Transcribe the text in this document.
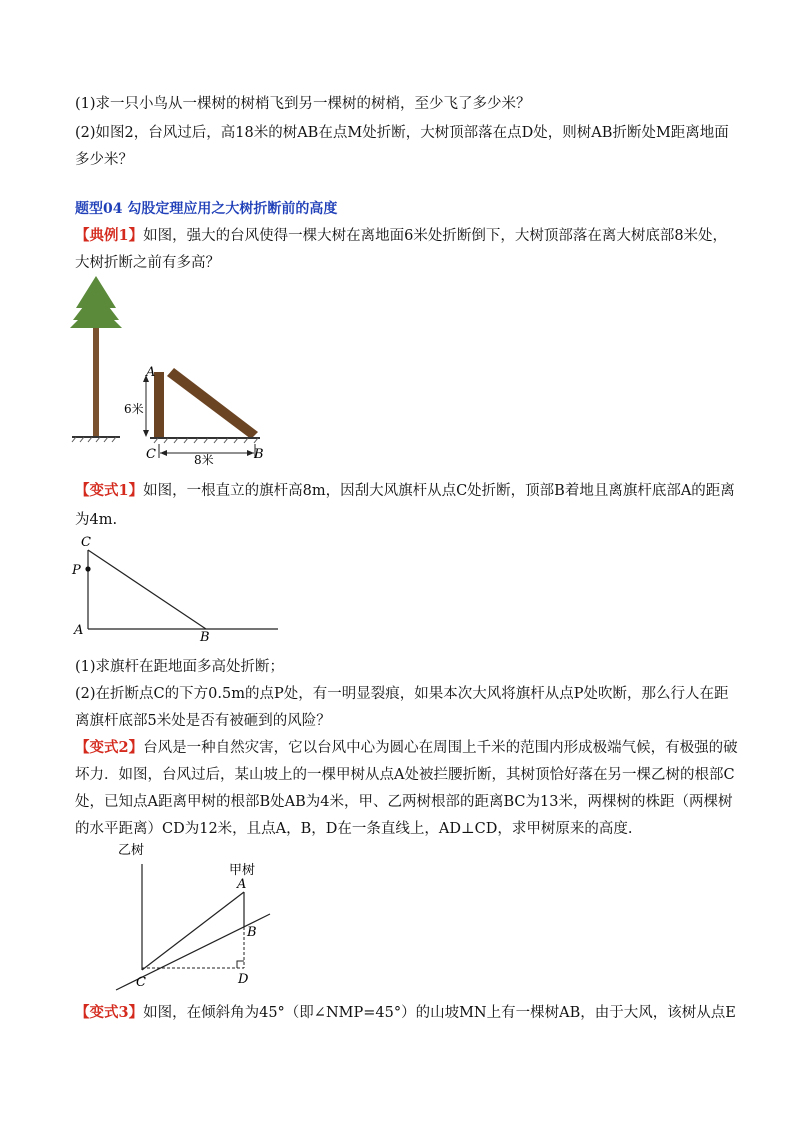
(1)求一只小鸟从一棵树的树梢飞到另一棵树的树梢，至少飞了多少米？
(2)如图2，台风过后，高18米的树AB在点M处折断，大树顶部落在点D处，则树AB折断处M距离地面
多少米？
题型04 勾股定理应用之大树折断前的高度
【典例1】如图，强大的台风使得一棵大树在离地面6米处折断倒下，大树顶部落在离大树底部8米处，
大树折断之前有多高？
6米
A
8米
C	B
【变式1】如图，一根直立的旗杆高8m，因刮大风旗杆从点C处折断，顶部B着地且离旗杆底部A的距离
为4m.
C
P
A	B
(1)求旗杆在距地面多高处折断；
(2)在折断点C的下方0.5m的点P处，有一明显裂痕，如果本次大风将旗杆从点P处吹断，那么行人在距
离旗杆底部5米处是否有被砸到的风险？
【变式2】台风是一种自然灾害，它以台风中心为圆心在周围上千米的范围内形成极端气候，有极强的破
坏力．如图，台风过后，某山坡上的一棵甲树从点A处被拦腰折断，其树顶恰好落在另一棵乙树的根部C
处，已知点A距离甲树的根部B处AB为4米，甲、乙两树根部的距离BC为13米，两棵树的株距（两棵树
的水平距离）CD为12米，且点A，B，D在一条直线上，AD⊥CD，求甲树原来的高度.
乙树
甲树
A
B
C	D
【变式3】如图，在倾斜角为45°（即∠NMP=45°）的山坡MN上有一棵树AB，由于大风，该树从点E
